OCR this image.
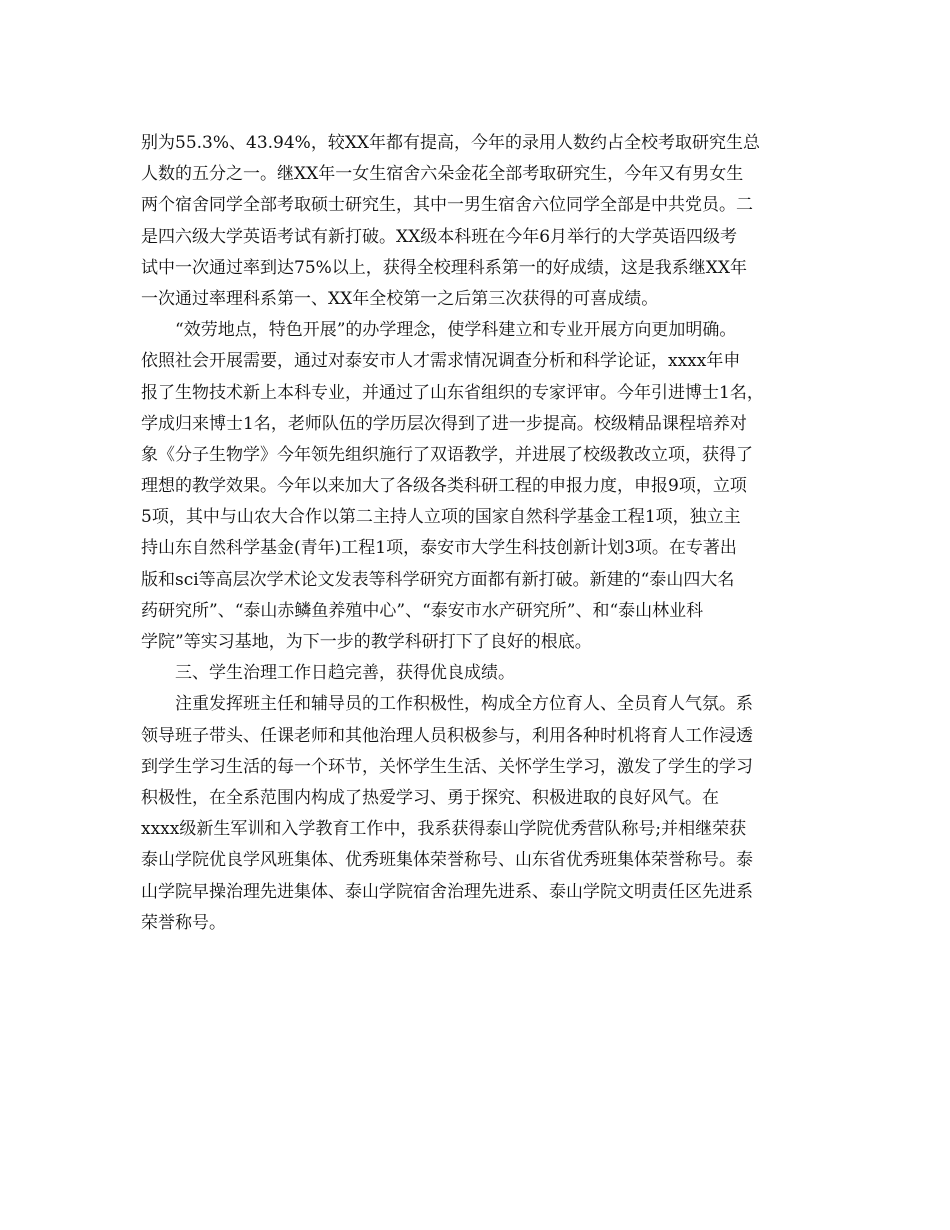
别为55.3%、43.94%，较XX年都有提高，今年的录用人数约占全校考取研究生总
人数的五分之一。继XX年一女生宿舍六朵金花全部考取研究生，今年又有男女生
两个宿舍同学全部考取硕士研究生，其中一男生宿舍六位同学全部是中共党员。二
是四六级大学英语考试有新打破。XX级本科班在今年6月举行的大学英语四级考
试中一次通过率到达75%以上，获得全校理科系第一的好成绩，这是我系继XX年
一次通过率理科系第一、XX年全校第一之后第三次获得的可喜成绩。
“效劳地点，特色开展”的办学理念，使学科建立和专业开展方向更加明确。
依照社会开展需要，通过对泰安市人才需求情况调查分析和科学论证，xxxx年申
报了生物技术新上本科专业，并通过了山东省组织的专家评审。今年引进博士1名，
学成归来博士1名，老师队伍的学历层次得到了进一步提高。校级精品课程培养对
象《分子生物学》今年领先组织施行了双语教学，并进展了校级教改立项，获得了
理想的教学效果。今年以来加大了各级各类科研工程的申报力度，申报9项，立项
5项，其中与山农大合作以第二主持人立项的国家自然科学基金工程1项，独立主
持山东自然科学基金(青年)工程1项，泰安市大学生科技创新计划3项。在专著出
版和sci等高层次学术论文发表等科学研究方面都有新打破。新建的“泰山四大名
药研究所”、“泰山赤鳞鱼养殖中心”、“泰安市水产研究所”、和“泰山林业科
学院”等实习基地，为下一步的教学科研打下了良好的根底。
三、学生治理工作日趋完善，获得优良成绩。
注重发挥班主任和辅导员的工作积极性，构成全方位育人、全员育人气氛。系
领导班子带头、任课老师和其他治理人员积极参与，利用各种时机将育人工作浸透
到学生学习生活的每一个环节，关怀学生生活、关怀学生学习，激发了学生的学习
积极性，在全系范围内构成了热爱学习、勇于探究、积极进取的良好风气。在
xxxx级新生军训和入学教育工作中，我系获得泰山学院优秀营队称号;并相继荣获
泰山学院优良学风班集体、优秀班集体荣誉称号、山东省优秀班集体荣誉称号。泰
山学院早操治理先进集体、泰山学院宿舍治理先进系、泰山学院文明责任区先进系
荣誉称号。
